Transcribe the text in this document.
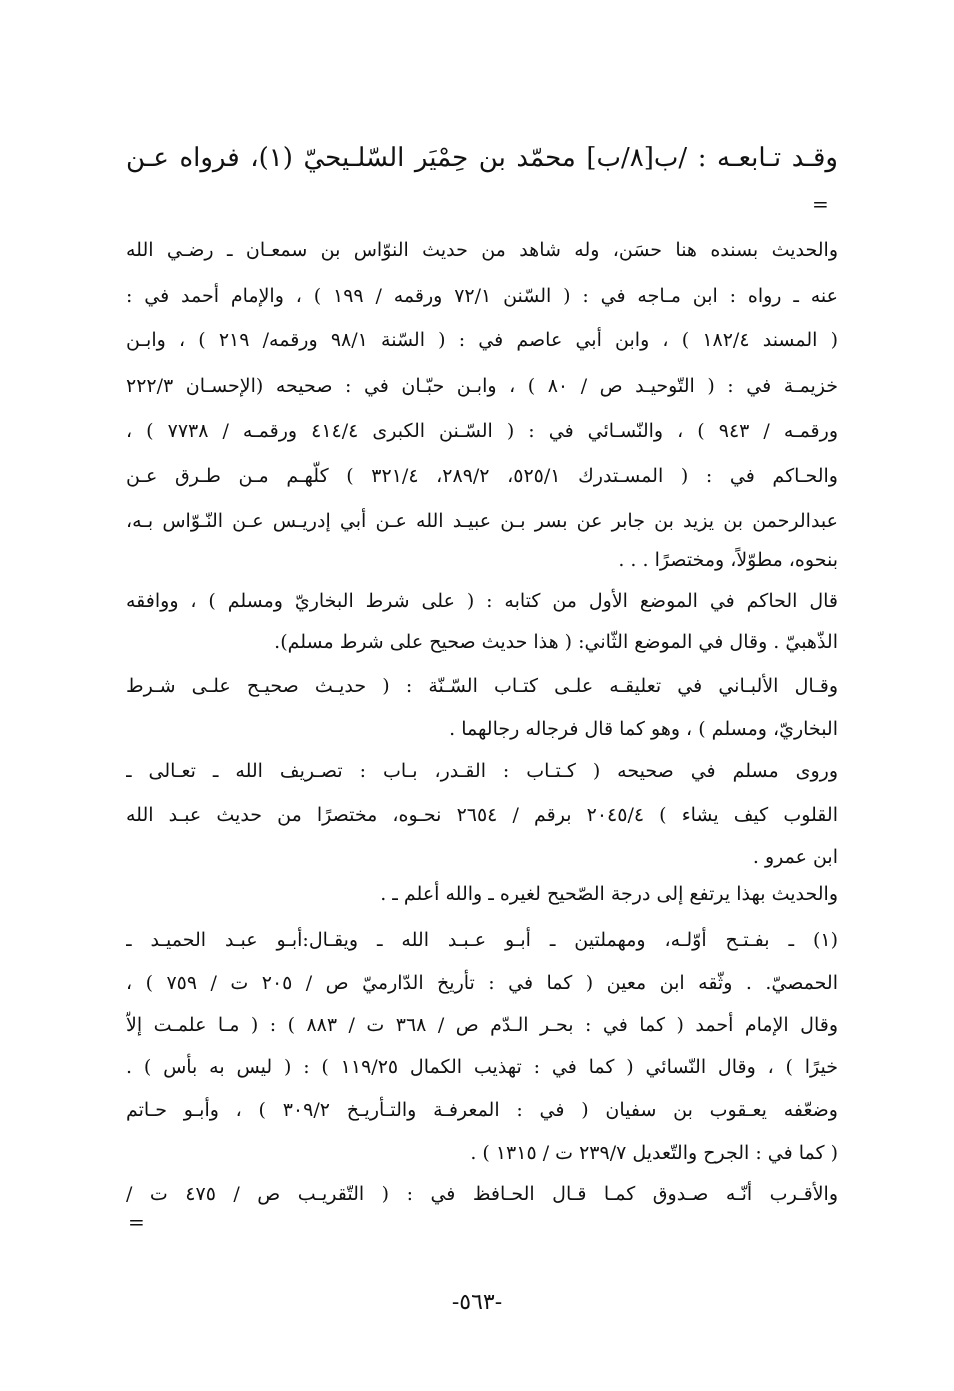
وقـد تـابعـه : /ب[٨/ب] محمّد بن حِمْيَر السّلـيحيّ (١)، فرواه عـن
=
والحديث بسنده هنا حسَن، وله شاهد من حديث النوّاس بن سمعـان ـ رضـي الله
عنه ـ رواه : ابن مـاجه في : ( السّنن ٧٢/١ ورقمه / ١٩٩ ) ، والإمام أحمد في :
( المسند ١٨٢/٤ ) ، وابن أبي عاصم في : ( السّنة ٩٨/١ ورقمه/ ٢١٩ ) ، وابـن
خزيمـة في : ( التّوحيـد ص / ٨٠ ) ، وابـن حبّـان في : صحيحه (الإحسـان ٢٢٢/٣
ورقمـه / ٩٤٣ ) ، والنّسـائي في : ( السّـنن الكبرى ٤١٤/٤ ورقمـه / ٧٧٣٨ ) ،
والحـاكم في : ( المسـتدرك ٥٢٥/١، ٢٨٩/٢، ٣٢١/٤ ) كلّهـم مـن طـرق عـن
عبدالرحمن بن يزيد بن جابر عن بسر بـن عبيـد الله عـن أبي إدريـس عـن النّـوّاس بـه،
بنحوه، مطوّلاً، ومختصرًا . . .
قال الحاكم في الموضع الأول من كتابه : ( على شرط البخاريّ ومسلم ) ، ووافقه
الذّهبيّ . وقال في الموضع الثّاني: ( هذا حديث صحيح على شرط مسلم).
وقـال الألبـاني في تعليقـه علـى كتـاب السّـنّة : ( حديـث صحيـح علـى شـرط
البخاريّ، ومسلم ) ، وهو كما قال فرجاله رجالهما .
وروى مسلم في صحيحه ( كـتـاب : القـدر، بـاب : تصـريف الله ـ تعـالى ـ
القلوب كيف يشاء ) ٢٠٤٥/٤ برقم / ٢٦٥٤ نحـوه، مختصرًا من حديث عبـد الله
ابن عمرو .
والحديث بهذا يرتفع إلى درجة الصّحيح لغيره ـ والله أعلم ـ .
(١) ـ بفـتـح أوّلـه، ومهملتين ـ أبـو عـبـد الله ـ ويقـال:أبـو عبـد الحميـد ـ
الحمصيّ. . وثّقه ابن معين ( كما في : تأريخ الدّارميّ ص / ٢٠٥ ت / ٧٥٩ ) ،
وقال الإمام أحمد ( كما في : بحـر الـدّم ص / ٣٦٨ ت / ٨٨٣ ) : ( مـا علمـت إلاّ
خيرًا ) ، وقال النّسائي ( كما في : تهذيب الكمال ١١٩/٢٥ ) : ( ليس به بأس ) .
وضعّفه يعـقوب بن سفيان ( في : المعرفـة والتـأريـخ ٣٠٩/٢ ) ، وأبـو حـاتم
( كما في : الجرح والتّعديل ٢٣٩/٧ ت / ١٣١٥ ) .
والأقـرب أنّـه صـدوق كمـا قـال الحـافظ في : ( التّقريـب ص / ٤٧٥ ت /
=
-٥٦٣-
